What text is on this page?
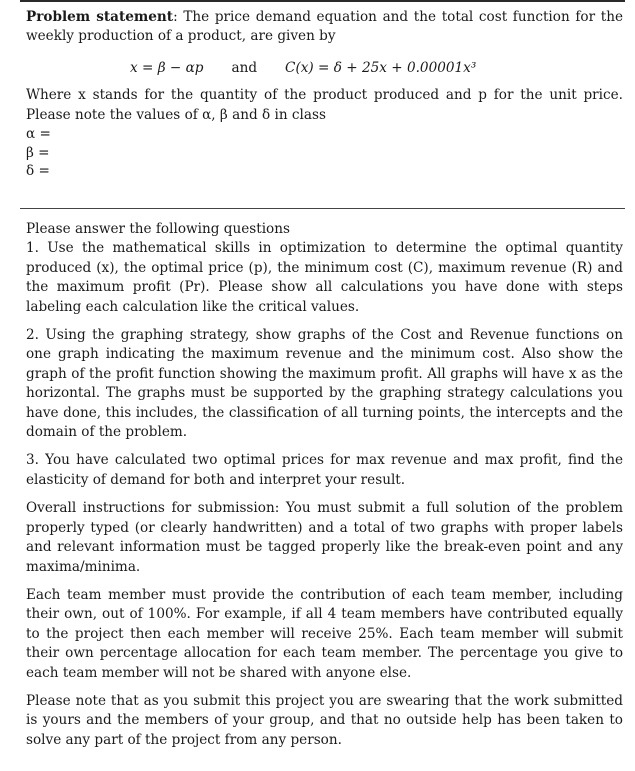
Problem statement: The price demand equation and the total cost function for the weekly production of a product, are given by

x = β − αp and C(x) = δ + 25x + 0.00001x³

Where x stands for the quantity of the product produced and p for the unit price. Please note the values of α, β and δ in class

α =
β =
δ =

Please answer the following questions

1. Use the mathematical skills in optimization to determine the optimal quantity produced (x), the optimal price (p), the minimum cost (C), maximum revenue (R) and the maximum profit (Pr). Please show all calculations you have done with steps labeling each calculation like the critical values.

2. Using the graphing strategy, show graphs of the Cost and Revenue functions on one graph indicating the maximum revenue and the minimum cost. Also show the graph of the profit function showing the maximum profit. All graphs will have x as the horizontal. The graphs must be supported by the graphing strategy calculations you have done, this includes, the classification of all turning points, the intercepts and the domain of the problem.

3. You have calculated two optimal prices for max revenue and max profit, find the elasticity of demand for both and interpret your result.

Overall instructions for submission: You must submit a full solution of the problem properly typed (or clearly handwritten) and a total of two graphs with proper labels and relevant information must be tagged properly like the break-even point and any maxima/minima.

Each team member must provide the contribution of each team member, including their own, out of 100%. For example, if all 4 team members have contributed equally to the project then each member will receive 25%. Each team member will submit their own percentage allocation for each team member. The percentage you give to each team member will not be shared with anyone else.

Please note that as you submit this project you are swearing that the work submitted is yours and the members of your group, and that no outside help has been taken to solve any part of the project from any person.
